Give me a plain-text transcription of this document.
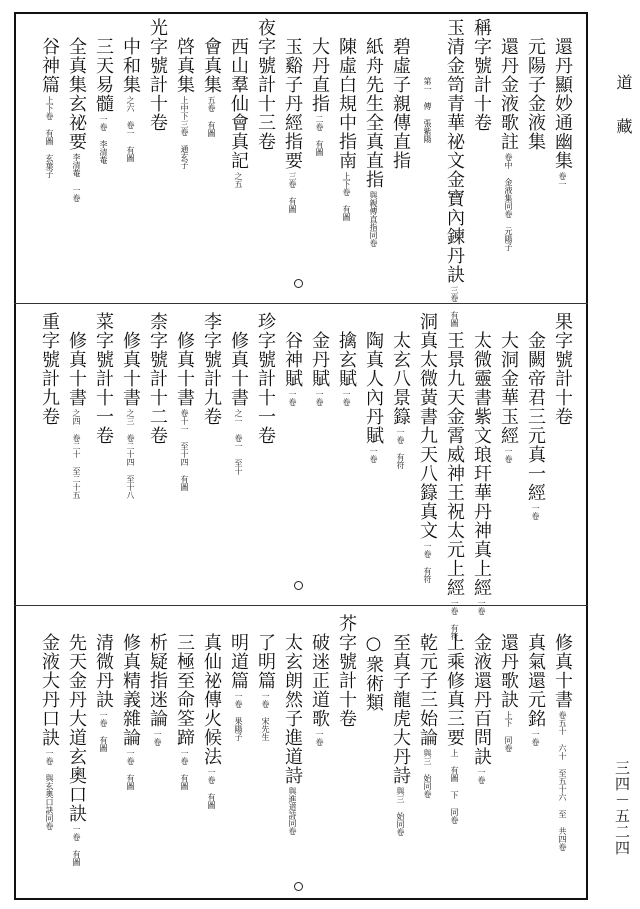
道　藏
三四－五二四
還丹顯妙通幽集卷一
元陽子金液集
還丹金液歌註卷中 金液集同卷 元陽子
稱字號計十卷
玉清金笥青華祕文金寶內鍊丹訣三卷 有圖
第一 傳 張紫陽
碧虛子親傳直指
紙舟先生全真直指與親傳直指同卷
陳虛白規中指南上下卷 有圖
大丹直指二卷 有圖
玉谿子丹經指要三卷 有圖
夜字號計十三卷
西山羣仙會真記之五
會真集五卷 有圖
啓真集上中下三卷 通玄子
光字號計十卷
中和集之六 卷一 有圖
三天易髓一卷 李清菴
全真集玄祕要李清菴 一卷
谷神篇上下卷 有圖 玄葉子
果字號計十卷
金闕帝君三元真一經一卷
大洞金華玉經一卷
太微靈書紫文琅玕華丹神真上經一卷
王景九天金霄威神王祝太元上經一卷 有符
洞真太微黃書九天八籙真文一卷 有符
太玄八景籙一卷 有符
陶真人內丹賦一卷
擒玄賦一卷
金丹賦一卷
谷神賦一卷
珍字號計十一卷
修真十書之一 卷一 至十
李字號計九卷
修真十書卷十一 至十四 有圖
柰字號計十二卷
修真十書之三 卷二十四 至十八
菜字號計十一卷
修真十書之四 卷二十 至二十五
重字號計九卷
修真十書卷五十 六十 至五十六 至 共四卷
真氣還元銘一卷
還丹歌訣上下 同卷
金液還丹百問訣一卷
上乘修真三要上 有圖 下 同卷
乾元子三始論與三 始同卷
至真子龍虎大丹詩與三 始同卷
○衆術類
芥字號計十卷
破迷正道歌一卷
太玄朗然子進道詩與進道詩同卷
了明篇一卷 宋先生
明道篇一卷 果陽子
真仙祕傳火候法一卷 有圖
三極至命筌蹄一卷 有圖
析疑指迷論一卷
修真精義雜論一卷 有圖
清微丹訣一卷 有圖
先天金丹大道玄奧口訣一卷 有圖
金液大丹口訣一卷 與玄奧口訣同卷
